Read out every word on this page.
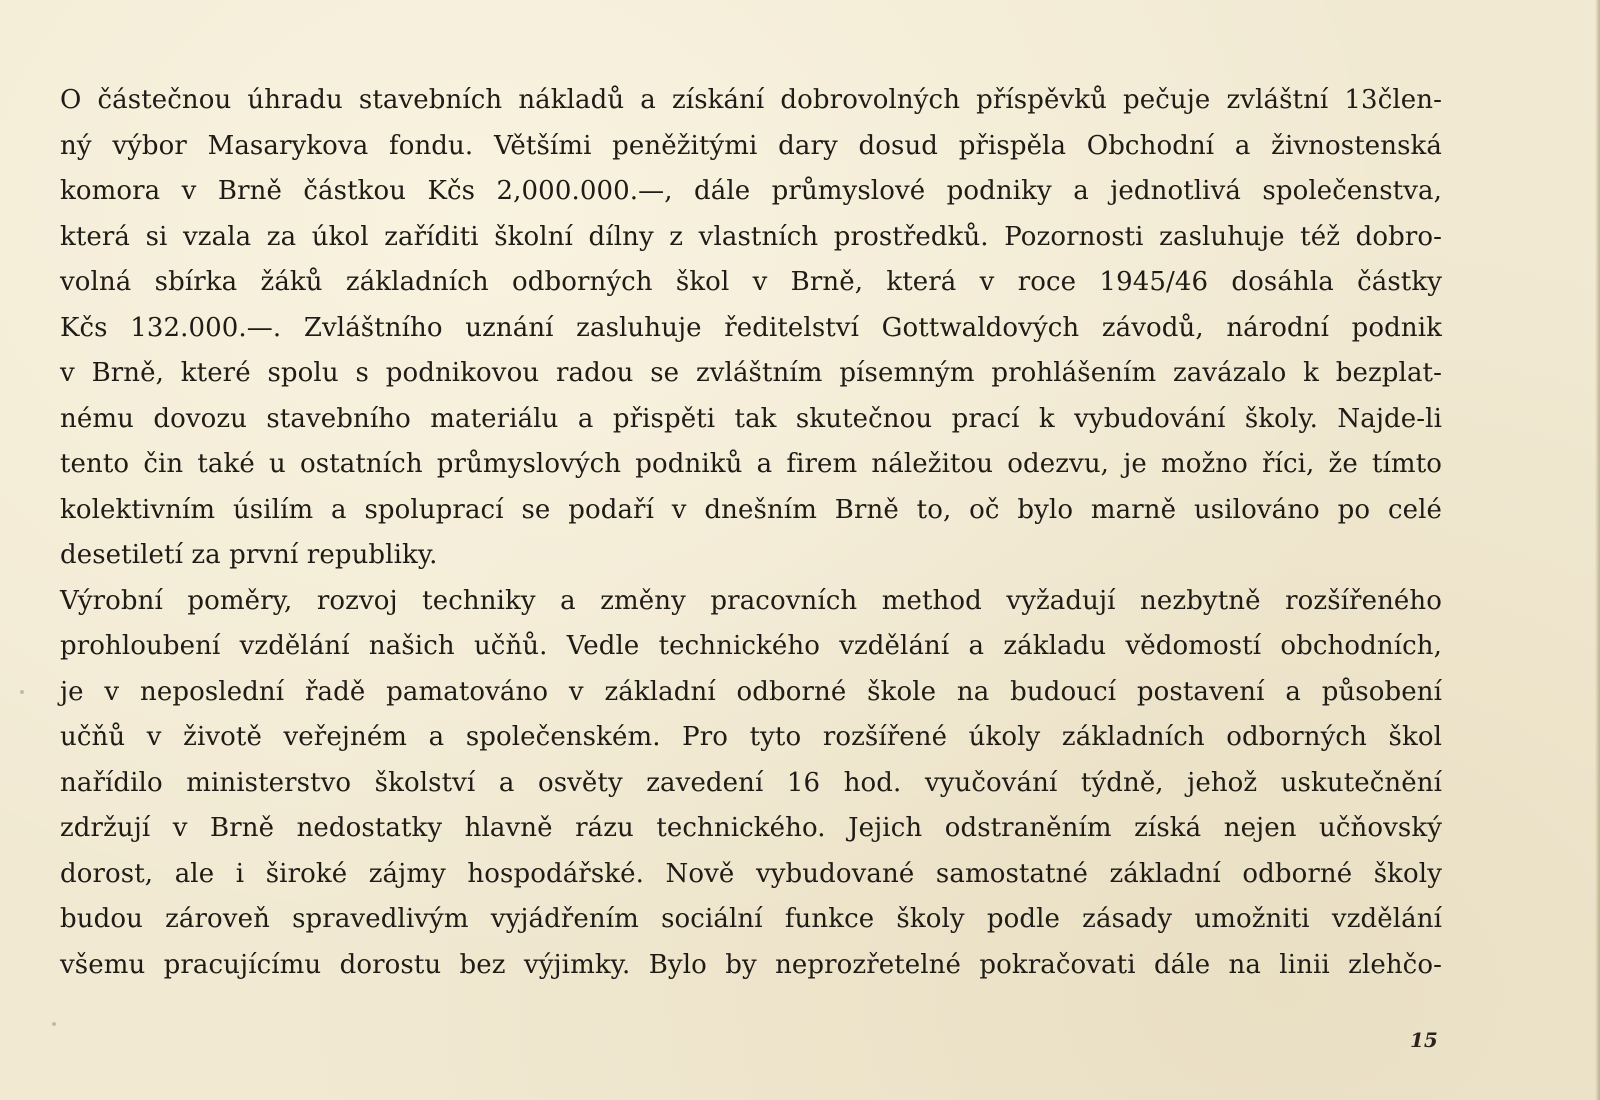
O částečnou úhradu stavebních nákladů a získání dobrovolných příspěvků pečuje zvláštní 13člen-
ný výbor Masarykova fondu. Většími peněžitými dary dosud přispěla Obchodní a živnostenská
komora v Brně částkou Kčs 2,000.000.—, dále průmyslové podniky a jednotlivá společenstva,
která si vzala za úkol zaříditi školní dílny z vlastních prostředků. Pozornosti zasluhuje též dobro-
volná sbírka žáků základních odborných škol v Brně, která v roce 1945/46 dosáhla částky
Kčs 132.000.—. Zvláštního uznání zasluhuje ředitelství Gottwaldových závodů, národní podnik
v Brně, které spolu s podnikovou radou se zvláštním písemným prohlášením zavázalo k bezplat-
nému dovozu stavebního materiálu a přispěti tak skutečnou prací k vybudování školy. Najde-li
tento čin také u ostatních průmyslových podniků a firem náležitou odezvu, je možno říci, že tímto
kolektivním úsilím a spoluprací se podaří v dnešním Brně to, oč bylo marně usilováno po celé
desetiletí za první republiky.
Výrobní poměry, rozvoj techniky a změny pracovních method vyžadují nezbytně rozšířeného
prohloubení vzdělání našich učňů. Vedle technického vzdělání a základu vědomostí obchodních,
je v neposlední řadě pamatováno v základní odborné škole na budoucí postavení a působení
učňů v životě veřejném a společenském. Pro tyto rozšířené úkoly základních odborných škol
nařídilo ministerstvo školství a osvěty zavedení 16 hod. vyučování týdně, jehož uskutečnění
zdržují v Brně nedostatky hlavně rázu technického. Jejich odstraněním získá nejen učňovský
dorost, ale i široké zájmy hospodářské. Nově vybudované samostatné základní odborné školy
budou zároveň spravedlivým vyjádřením sociální funkce školy podle zásady umožniti vzdělání
všemu pracujícímu dorostu bez výjimky. Bylo by neprozřetelné pokračovati dále na linii zlehčo-
15
